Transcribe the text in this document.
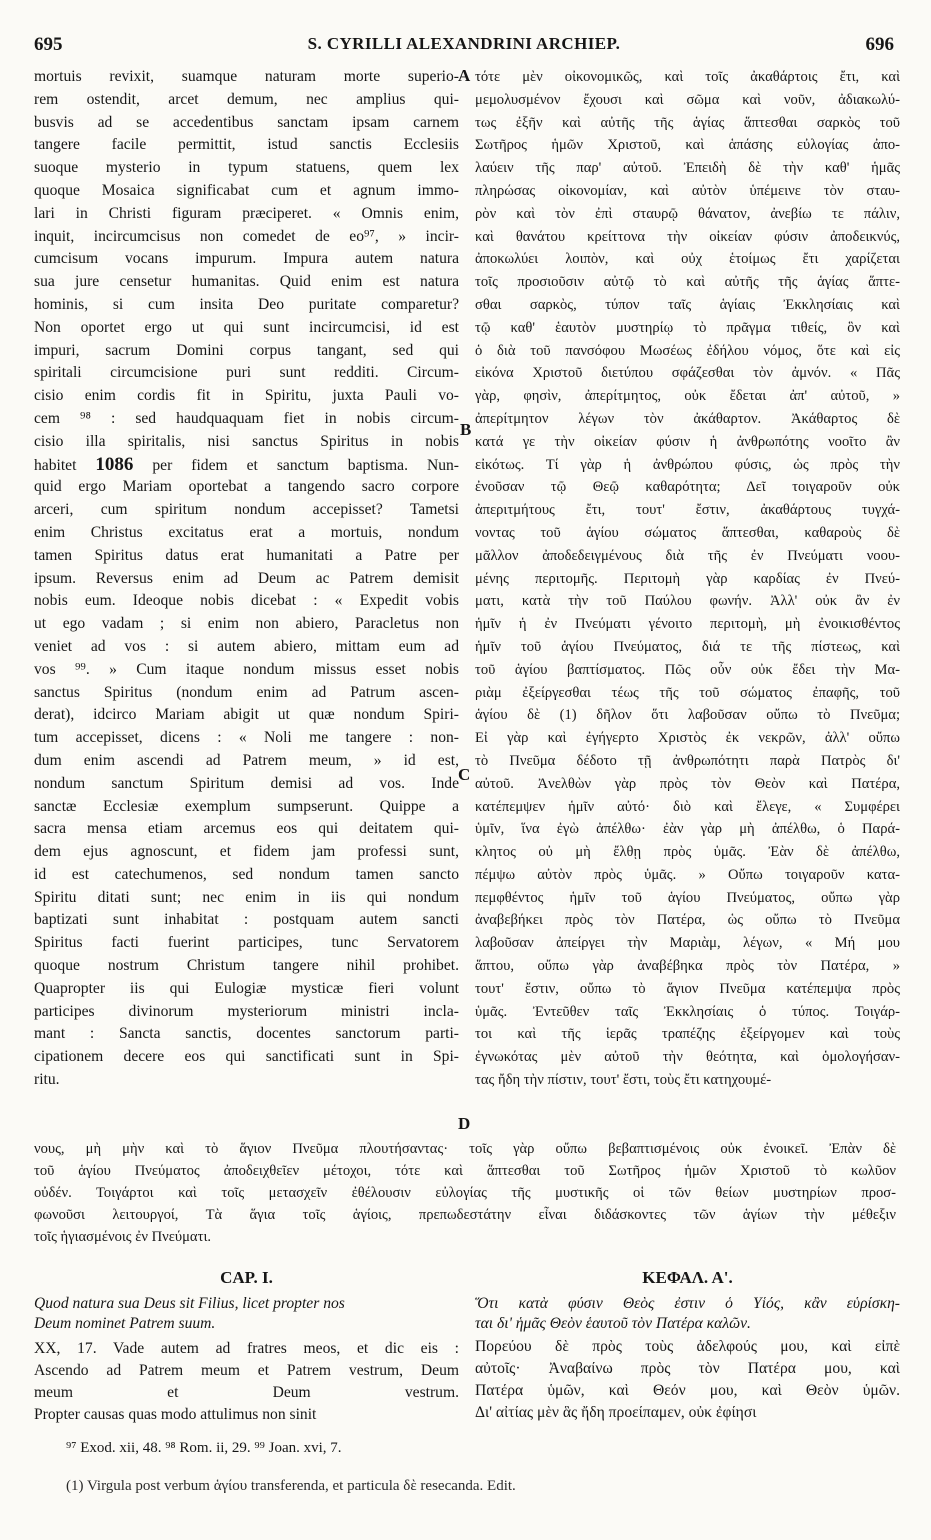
695	S. CYRILLI ALEXANDRINI ARCHIEP.	696
A
B
C
D
mortuis revixit, suamque naturam morte superio-
rem ostendit, arcet demum, nec amplius qui-
busvis ad se accedentibus sanctam ipsam carnem
tangere facile permittit, istud sanctis Ecclesiis
suoque mysterio in typum statuens, quem lex
quoque Mosaica significabat cum et agnum immo-
lari in Christi figuram præciperet. « Omnis enim,
inquit, incircumcisus non comedet de eo⁹⁷, » incir-
cumcisum vocans impurum. Impura autem natura
sua jure censetur humanitas. Quid enim est natura
hominis, si cum insita Deo puritate comparetur?
Non oportet ergo ut qui sunt incircumcisi, id est
impuri, sacrum Domini corpus tangant, sed qui
spiritali circumcisione puri sunt redditi. Circum-
cisio enim cordis fit in Spiritu, juxta Pauli vo-
cem ⁹⁸ : sed haudquaquam fiet in nobis circum-
cisio illa spiritalis, nisi sanctus Spiritus in nobis
habitet 1086 per fidem et sanctum baptisma. Nun-
quid ergo Mariam oportebat a tangendo sacro corpore
arceri, cum spiritum nondum accepisset? Tametsi
enim Christus excitatus erat a mortuis, nondum
tamen Spiritus datus erat humanitati a Patre per
ipsum. Reversus enim ad Deum ac Patrem demisit
nobis eum. Ideoque nobis dicebat : « Expedit vobis
ut ego vadam ; si enim non abiero, Paracletus non
veniet ad vos : si autem abiero, mittam eum ad
vos ⁹⁹. » Cum itaque nondum missus esset nobis
sanctus Spiritus (nondum enim ad Patrum ascen-
derat), idcirco Mariam abigit ut quæ nondum Spiri-
tum accepisset, dicens : « Noli me tangere : non-
dum enim ascendi ad Patrem meum, » id est,
nondum sanctum Spiritum demisi ad vos. Inde
sanctæ Ecclesiæ exemplum sumpserunt. Quippe a
sacra mensa etiam arcemus eos qui deitatem qui-
dem ejus agnoscunt, et fidem jam professi sunt,
id est catechumenos, sed nondum tamen sancto
Spiritu ditati sunt; nec enim in iis qui nondum
baptizati sunt inhabitat : postquam autem sancti
Spiritus facti fuerint participes, tunc Servatorem
quoque nostrum Christum tangere nihil prohibet.
Quapropter iis qui Eulogiæ mysticæ fieri volunt
participes divinorum mysteriorum ministri incla-
mant : Sancta sanctis, docentes sanctorum parti-
cipationem decere eos qui sanctificati sunt in Spi-
ritu.
τότε μὲν οἰκονομικῶς, καὶ τοῖς ἀκαθάρτοις ἔτι, καὶ
μεμολυσμένον ἔχουσι καὶ σῶμα καὶ νοῦν, ἀδιακωλύ-
τως ἐξῆν καὶ αὐτῆς τῆς ἁγίας ἅπτεσθαι σαρκὸς τοῦ
Σωτῆρος ἡμῶν Χριστοῦ, καὶ ἁπάσης εὐλογίας ἀπο-
λαύειν τῆς παρ' αὐτοῦ. Ἐπειδὴ δὲ τὴν καθ' ἡμᾶς
πληρώσας οἰκονομίαν, καὶ αὐτὸν ὑπέμεινε τὸν σταυ-
ρὸν καὶ τὸν ἐπὶ σταυρῷ θάνατον, ἀνεβίω τε πάλιν,
καὶ θανάτου κρείττονα τὴν οἰκείαν φύσιν ἀποδεικνύς,
ἀποκωλύει λοιπὸν, καὶ οὐχ ἑτοίμως ἔτι χαρίζεται
τοῖς προσιοῦσιν αὐτῷ τὸ καὶ αὐτῆς τῆς ἁγίας ἅπτε-
σθαι σαρκὸς, τύπον ταῖς ἁγίαις Ἐκκλησίαις καὶ
τῷ καθ' ἑαυτὸν μυστηρίῳ τὸ πρᾶγμα τιθείς, ὃν καὶ
ὁ διὰ τοῦ πανσόφου Μωσέως ἐδήλου νόμος, ὅτε καὶ εἰς
εἰκόνα Χριστοῦ διετύπου σφάζεσθαι τὸν ἀμνόν. « Πᾶς
γὰρ, φησὶν, ἀπερίτμητος, οὐκ ἔδεται ἀπ' αὐτοῦ, »
ἀπερίτμητον λέγων τὸν ἀκάθαρτον. Ἀκάθαρτος δὲ
κατά γε τὴν οἰκείαν φύσιν ἡ ἀνθρωπότης νοοῖτο ἂν
εἰκότως. Τί γὰρ ἡ ἀνθρώπου φύσις, ὡς πρὸς τὴν
ἐνοῦσαν τῷ Θεῷ καθαρότητα; Δεῖ τοιγαροῦν οὐκ
ἀπεριτμήτους ἔτι, τουτ' ἔστιν, ἀκαθάρτους τυγχά-
νοντας τοῦ ἁγίου σώματος ἅπτεσθαι, καθαροὺς δὲ
μᾶλλον ἀποδεδειγμένους διὰ τῆς ἐν Πνεύματι νοου-
μένης περιτομῆς. Περιτομὴ γὰρ καρδίας ἐν Πνεύ-
ματι, κατὰ τὴν τοῦ Παύλου φωνήν. Ἀλλ' οὐκ ἂν ἐν
ἡμῖν ἡ ἐν Πνεύματι γένοιτο περιτομὴ, μὴ ἐνοικισθέντος
ἡμῖν τοῦ ἁγίου Πνεύματος, διά τε τῆς πίστεως, καὶ
τοῦ ἁγίου βαπτίσματος. Πῶς οὖν οὐκ ἔδει τὴν Μα-
ριὰμ ἐξείργεσθαι τέως τῆς τοῦ σώματος ἐπαφῆς, τοῦ
ἁγίου δὲ (1) δῆλον ὅτι λαβοῦσαν οὔπω τὸ Πνεῦμα;
Εἰ γὰρ καὶ ἐγήγερτο Χριστὸς ἐκ νεκρῶν, ἀλλ' οὔπω
τὸ Πνεῦμα δέδοτο τῇ ἀνθρωπότητι παρὰ Πατρὸς δι'
αὐτοῦ. Ἀνελθὼν γὰρ πρὸς τὸν Θεὸν καὶ Πατέρα,
κατέπεμψεν ἡμῖν αὐτό· διὸ καὶ ἔλεγε, « Συμφέρει
ὑμῖν, ἵνα ἐγὼ ἀπέλθω· ἐὰν γὰρ μὴ ἀπέλθω, ὁ Παρά-
κλητος οὐ μὴ ἔλθῃ πρὸς ὑμᾶς. Ἐὰν δὲ ἀπέλθω,
πέμψω αὐτὸν πρὸς ὑμᾶς. » Οὔπω τοιγαροῦν κατα-
πεμφθέντος ἡμῖν τοῦ ἁγίου Πνεύματος, οὔπω γὰρ
ἀναβεβήκει πρὸς τὸν Πατέρα, ὡς οὔπω τὸ Πνεῦμα
λαβοῦσαν ἀπείργει τὴν Μαριὰμ, λέγων, « Μή μου
ἅπτου, οὔπω γὰρ ἀναβέβηκα πρὸς τὸν Πατέρα, »
τουτ' ἔστιν, οὔπω τὸ ἅγιον Πνεῦμα κατέπεμψα πρὸς
ὑμᾶς. Ἐντεῦθεν ταῖς Ἐκκλησίαις ὁ τύπος. Τοιγάρ-
τοι καὶ τῆς ἱερᾶς τραπέζης ἐξείργομεν καὶ τοὺς
ἐγνωκότας μὲν αὐτοῦ τὴν θεότητα, καὶ ὁμολογήσαν-
τας ἤδη τὴν πίστιν, τουτ' ἔστι, τοὺς ἔτι κατηχουμέ-
νους, μὴ μὴν καὶ τὸ ἅγιον Πνεῦμα πλουτήσαντας· τοῖς γὰρ οὔπω βεβαπτισμένοις οὐκ ἐνοικεῖ. Ἐπὰν δὲ
τοῦ ἁγίου Πνεύματος ἀποδειχθεῖεν μέτοχοι, τότε καὶ ἅπτεσθαι τοῦ Σωτῆρος ἡμῶν Χριστοῦ τὸ κωλῦον
οὐδέν. Τοιγάρτοι καὶ τοῖς μετασχεῖν ἐθέλουσιν εὐλογίας τῆς μυστικῆς οἱ τῶν θείων μυστηρίων προσ-
φωνοῦσι λειτουργοί, Τὰ ἅγια τοῖς ἁγίοις, πρεπωδεστάτην εἶναι διδάσκοντες τῶν ἁγίων τὴν μέθεξιν
τοῖς ἡγιασμένοις ἐν Πνεύματι.
CAP. I.	ΚΕΦΑΛ. Α'.
Quod natura sua Deus sit Filius, licet propter nos
Deum nominet Patrem suum.
Ὅτι κατὰ φύσιν Θεὸς ἐστιν ὁ Υἱός, κἂν εὑρίσκη-
ται δι' ἡμᾶς Θεὸν ἑαυτοῦ τὸν Πατέρα καλῶν.
XX, 17. Vade autem ad fratres meos, et dic eis :
Ascendo ad Patrem meum et Patrem vestrum, Deum
meum et Deum vestrum.
Propter causas quas modo attulimus non sinit
Πορεύου δὲ πρὸς τοὺς ἀδελφούς μου, καὶ εἰπὲ
αὐτοῖς· Ἀναβαίνω πρὸς τὸν Πατέρα μου, καὶ
Πατέρα ὑμῶν, καὶ Θεόν μου, καὶ Θεὸν ὑμῶν.
Δι' αἰτίας μὲν ἃς ἤδη προείπαμεν, οὐκ ἐφίησι
⁹⁷ Exod. xii, 48. ⁹⁸ Rom. ii, 29. ⁹⁹ Joan. xvi, 7.
(1) Virgula post verbum ἁγίου transferenda, et particula δὲ resecanda. Edit.
